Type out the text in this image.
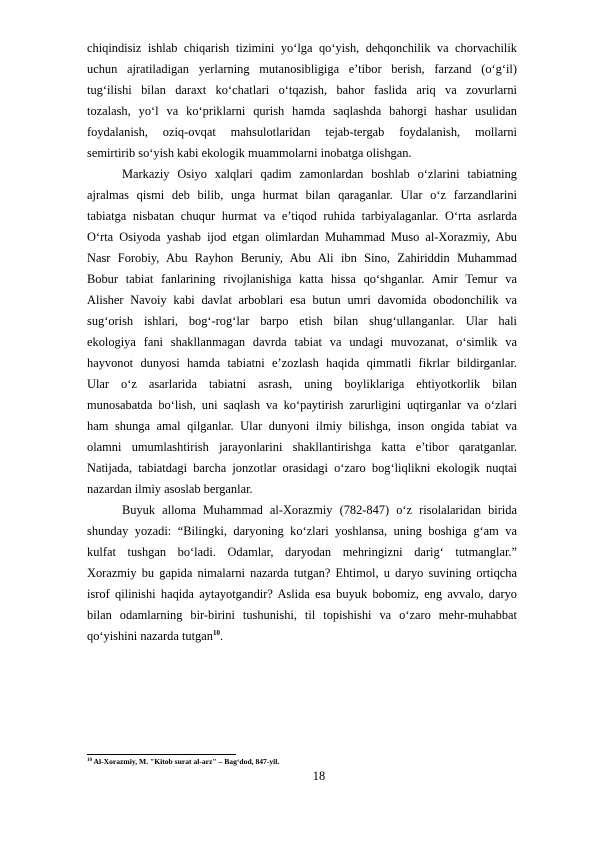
chiqindisiz ishlab chiqarish tizimini yo‘lga qo‘yish, dehqonchilik va chorvachilik

uchun ajratiladigan yerlarning mutanosibligiga e’tibor berish, farzand (o‘g‘il)

tug‘ilishi bilan daraxt ko‘chatlari o‘tqazish, bahor faslida ariq va zovurlarni

tozalash, yo‘l va ko‘priklarni qurish hamda saqlashda bahorgi hashar usulidan

foydalanish, oziq-ovqat mahsulotlaridan tejab-tergab foydalanish, mollarni

semirtirib so‘yish kabi ekologik muammolarni inobatga olishgan.

Markaziy Osiyo xalqlari qadim zamonlardan boshlab o‘zlarini tabiatning

ajralmas qismi deb bilib, unga hurmat bilan qaraganlar. Ular o‘z farzandlarini

tabiatga nisbatan chuqur hurmat va e’tiqod ruhida tarbiyalaganlar. O‘rta asrlarda

O‘rta Osiyoda yashab ijod etgan olimlardan Muhammad Muso al-Xorazmiy, Abu

Nasr Forobiy, Abu Rayhon Beruniy, Abu Ali ibn Sino, Zahiriddin Muhammad

Bobur tabiat fanlarining rivojlanishiga katta hissa qo‘shganlar. Amir Temur va

Alisher Navoiy kabi davlat arboblari esa butun umri davomida obodonchilik va

sug‘orish ishlari, bog‘-rog‘lar barpo etish bilan shug‘ullanganlar. Ular hali

ekologiya fani shakllanmagan davrda tabiat va undagi muvozanat, o‘simlik va

hayvonot dunyosi hamda tabiatni e’zozlash haqida qimmatli fikrlar bildirganlar.

Ular o‘z asarlarida tabiatni asrash, uning boyliklariga ehtiyotkorlik bilan

munosabatda bo‘lish, uni saqlash va ko‘paytirish zarurligini uqtirganlar va o‘zlari

ham shunga amal qilganlar. Ular dunyoni ilmiy bilishga, inson ongida tabiat va

olamni umumlashtirish jarayonlarini shakllantirishga katta e’tibor qaratganlar.

Natijada, tabiatdagi barcha jonzotlar orasidagi o‘zaro bog‘liqlikni ekologik nuqtai

nazardan ilmiy asoslab berganlar.

Buyuk alloma Muhammad al-Xorazmiy (782-847) o‘z risolalaridan birida

shunday yozadi: “Bilingki, daryoning ko‘zlari yoshlansa, uning boshiga g‘am va

kulfat tushgan bo‘ladi. Odamlar, daryodan mehringizni darig‘ tutmanglar.”

Xorazmiy bu gapida nimalarni nazarda tutgan? Ehtimol, u daryo suvining ortiqcha

isrof qilinishi haqida aytayotgandir? Aslida esa buyuk bobomiz, eng avvalo, daryo

bilan odamlarning bir-birini tushunishi, til topishishi va o‘zaro mehr-muhabbat

qo‘yishini nazarda tutgan$^{10}$.

$^{10}$ Al-Xorazmiy, M. "Kitob surat al-arz" – Bag‘dod, 847-yil.
18
